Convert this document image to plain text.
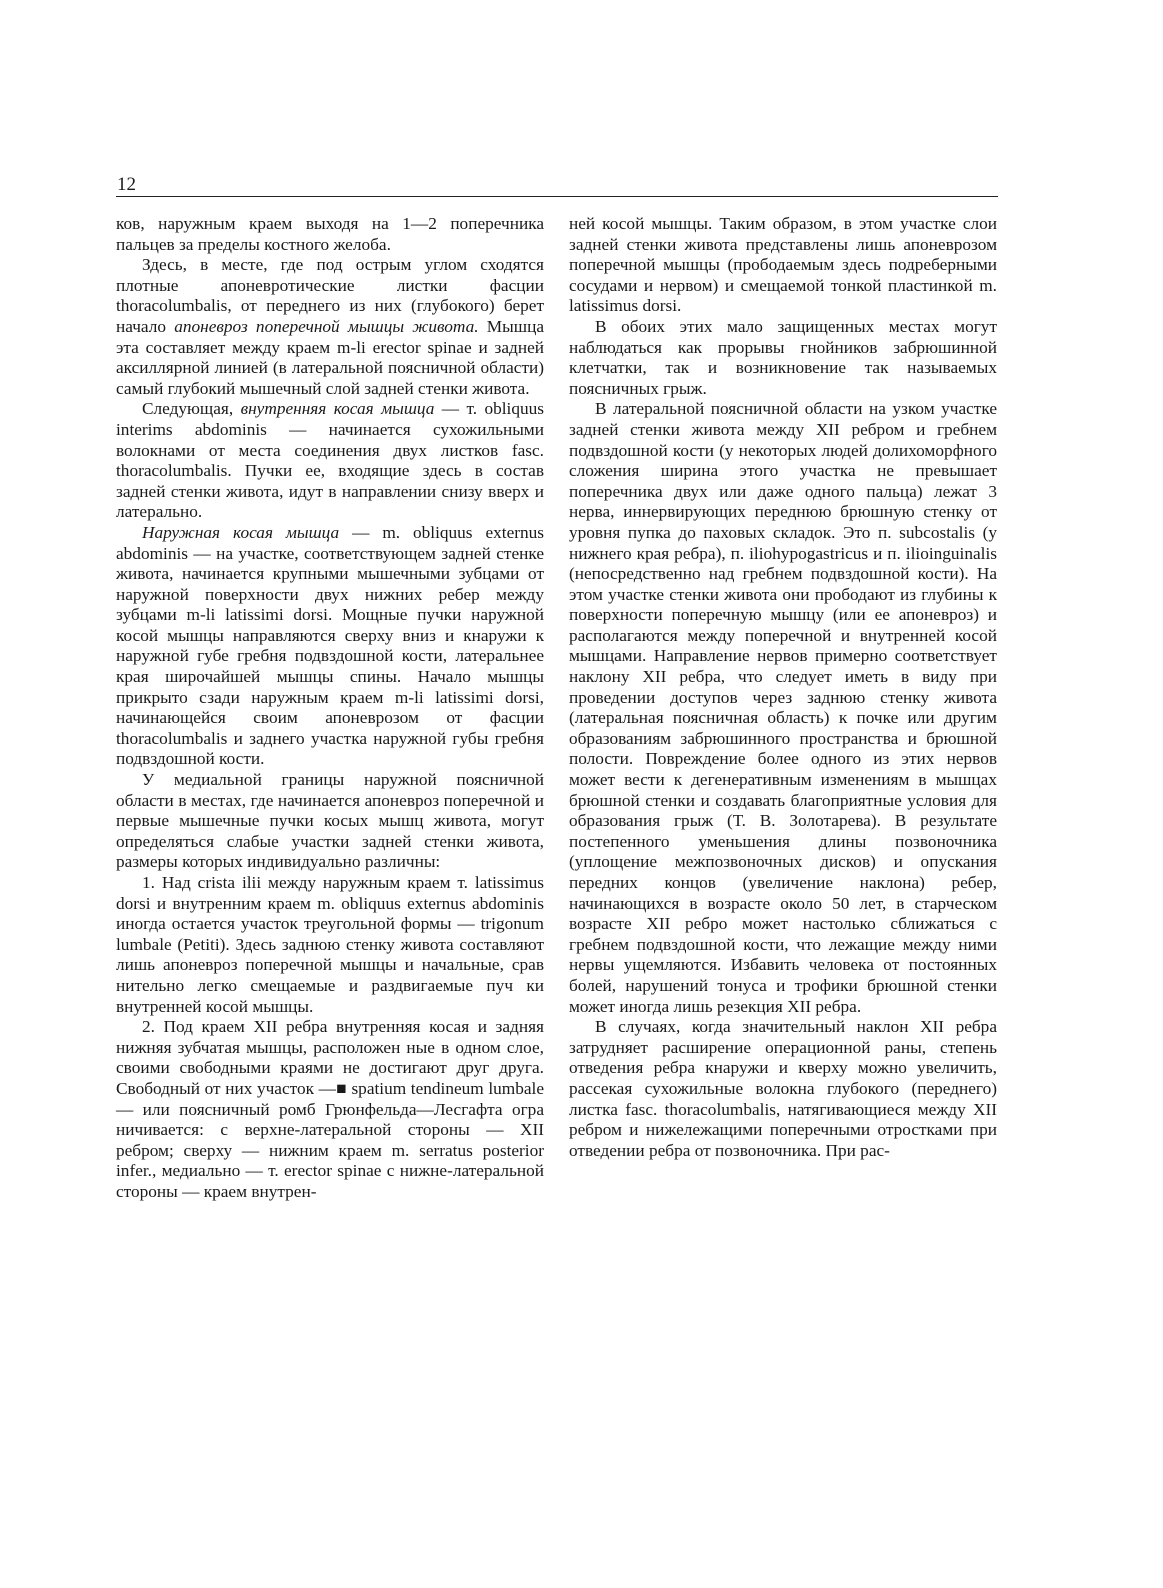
12

ков, наружным краем выходя на 1—2 поперечника пальцев за пределы костного желоба.

Здесь, в месте, где под острым углом сходятся плотные апоневротические листки фасции thoracolumbalis, от переднего из них (глубокого) берет начало апоневроз поперечной мышцы живота. Мышца эта составляет между краем m-li erector spinae и задней аксиллярной линией (в латеральной поясничной области) самый глубокий мышечный слой задней стенки живота.

Следующая, внутренняя косая мышца — т. obliquus interims abdominis — начинается сухожильными волокнами от места соединения двух листков fasc. thoracolumbalis. Пучки ее, входящие здесь в состав задней стенки живота, идут в направлении снизу вверх и латерально.

Наружная косая мышца — m. obliquus externus abdominis — на участке, соответствующем задней стенке живота, начинается крупными мышечными зубцами от наружной поверхности двух нижних ребер между зубцами m-li latissimi dorsi. Мощные пучки наружной косой мышцы направляются сверху вниз и кнаружи к наружной губе гребня подвздошной кости, латеральнее края широчайшей мышцы спины. Начало мышцы прикрыто сзади наружным краем m-li latissimi dorsi, начинающейся своим апоневрозом от фасции thoracolumbalis и заднего участка наружной губы гребня подвздошной кости.

У медиальной границы наружной поясничной области в местах, где начинается апоневроз поперечной и первые мышечные пучки косых мышц живота, могут определяться слабые участки задней стенки живота, размеры которых индивидуально различны:

1. Над crista ilii между наружным краем т. latissimus dorsi и внутренним краем m. obliquus externus abdominis иногда остается участок треугольной формы — trigonum lumbale (Petiti). Здесь заднюю стенку живота составляют лишь апоневроз поперечной мышцы и начальные, срав нительно легко смещаемые и раздвигаемые пуч ки внутренней косой мышцы.

2. Под краем XII ребра внутренняя косая и задняя нижняя зубчатая мышцы, расположен ные в одном слое, своими свободными краями не достигают друг друга. Свободный от них участок —■ spatium tendineum lumbale — или поясничный ромб Грюнфельда—Лесгафта огра ничивается: с верхне-латеральной стороны — XII ребром; сверху — нижним краем m. serratus posterior infer., медиально — т. erector spinae с нижне-латеральной стороны — краем внутрен-

ней косой мышцы. Таким образом, в этом участке слои задней стенки живота представлены лишь апоневрозом поперечной мышцы (прободаемым здесь подреберными сосудами и нервом) и смещаемой тонкой пластинкой m. latissimus dorsi.

В обоих этих мало защищенных местах могут наблюдаться как прорывы гнойников забрюшинной клетчатки, так и возникновение так называемых поясничных грыж.

В латеральной поясничной области на узком участке задней стенки живота между XII ребром и гребнем подвздошной кости (у некоторых людей долихоморфного сложения ширина этого участка не превышает поперечника двух или даже одного пальца) лежат 3 нерва, иннервирующих переднюю брюшную стенку от уровня пупка до паховых складок. Это п. subcostalis (у нижнего края ребра), п. iliohypogastricus и п. ilioinguinalis (непосредственно над гребнем подвздошной кости). На этом участке стенки живота они прободают из глубины к поверхности поперечную мышцу (или ее апоневроз) и располагаются между поперечной и внутренней косой мышцами. Направление нервов примерно соответствует наклону XII ребра, что следует иметь в виду при проведении доступов через заднюю стенку живота (латеральная поясничная область) к почке или другим образованиям забрюшинного пространства и брюшной полости. Повреждение более одного из этих нервов может вести к дегенеративным изменениям в мышцах брюшной стенки и создавать благоприятные условия для образования грыж (Т. В. Золотарева). В результате постепенного уменьшения длины позвоночника (уплощение межпозвоночных дисков) и опускания передних концов (увеличение наклона) ребер, начинающихся в возрасте около 50 лет, в старческом возрасте XII ребро может настолько сближаться с гребнем подвздошной кости, что лежащие между ними нервы ущемляются. Избавить человека от постоянных болей, нарушений тонуса и трофики брюшной стенки может иногда лишь резекция XII ребра.

В случаях, когда значительный наклон XII ребра затрудняет расширение операционной раны, степень отведения ребра кнаружи и кверху можно увеличить, рассекая сухожильные волокна глубокого (переднего) листка fasc. thoracolumbalis, натягивающиеся между XII ребром и нижележащими поперечными отростками при отведении ребра от позвоночника. При рас-
